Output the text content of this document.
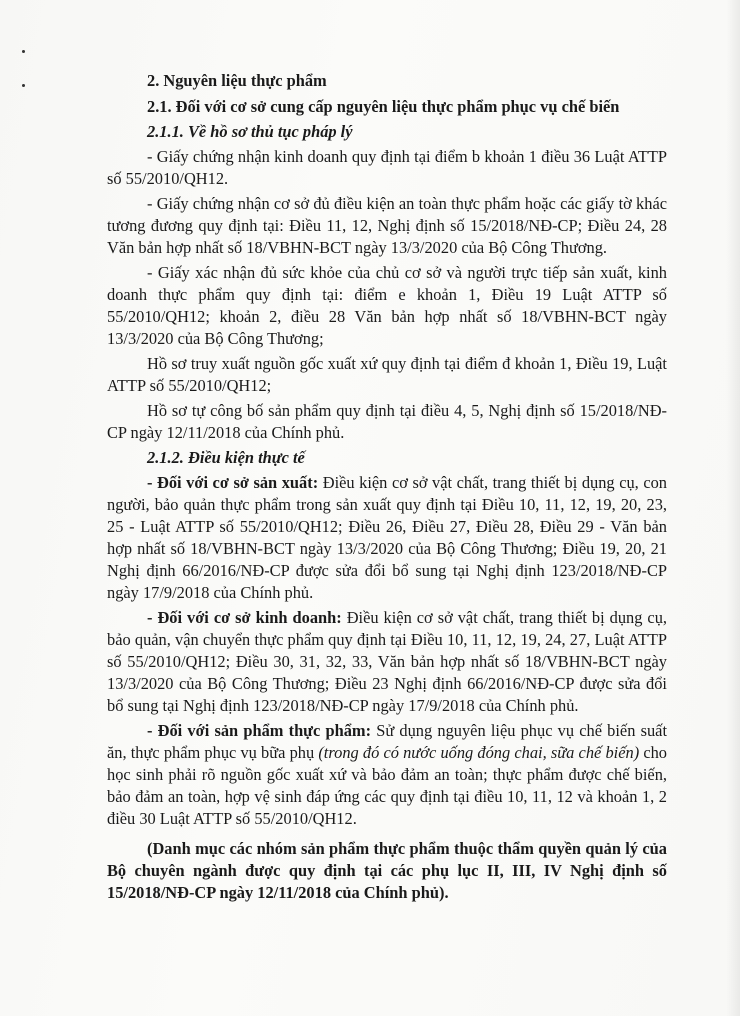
2. Nguyên liệu thực phẩm

2.1. Đối với cơ sở cung cấp nguyên liệu thực phẩm phục vụ chế biến

2.1.1. Về hồ sơ thủ tục pháp lý

- Giấy chứng nhận kinh doanh quy định tại điểm b khoản 1 điều 36 Luật ATTP số 55/2010/QH12.

- Giấy chứng nhận cơ sở đủ điều kiện an toàn thực phẩm hoặc các giấy tờ khác tương đương quy định tại: Điều 11, 12, Nghị định số 15/2018/NĐ-CP; Điều 24, 28 Văn bản hợp nhất số 18/VBHN-BCT ngày 13/3/2020 của Bộ Công Thương.

- Giấy xác nhận đủ sức khỏe của chủ cơ sở và người trực tiếp sản xuất, kinh doanh thực phẩm quy định tại: điểm e khoản 1, Điều 19 Luật ATTP số 55/2010/QH12; khoản 2, điều 28 Văn bản hợp nhất số 18/VBHN-BCT ngày 13/3/2020 của Bộ Công Thương;

Hồ sơ truy xuất nguồn gốc xuất xứ quy định tại điểm đ khoản 1, Điều 19, Luật ATTP số 55/2010/QH12;

Hồ sơ tự công bố sản phẩm quy định tại điều 4, 5, Nghị định số 15/2018/NĐ-CP ngày 12/11/2018 của Chính phủ.

2.1.2. Điều kiện thực tế

- Đối với cơ sở sản xuất: Điều kiện cơ sở vật chất, trang thiết bị dụng cụ, con người, bảo quản thực phẩm trong sản xuất quy định tại Điều 10, 11, 12, 19, 20, 23, 25 - Luật ATTP số 55/2010/QH12; Điều 26, Điều 27, Điều 28, Điều 29 - Văn bản hợp nhất số 18/VBHN-BCT ngày 13/3/2020 của Bộ Công Thương; Điều 19, 20, 21 Nghị định 66/2016/NĐ-CP được sửa đổi bổ sung tại Nghị định 123/2018/NĐ-CP ngày 17/9/2018 của Chính phủ.

- Đối với cơ sở kinh doanh: Điều kiện cơ sở vật chất, trang thiết bị dụng cụ, bảo quản, vận chuyển thực phẩm quy định tại Điều 10, 11, 12, 19, 24, 27, Luật ATTP số 55/2010/QH12; Điều 30, 31, 32, 33, Văn bản hợp nhất số 18/VBHN-BCT ngày 13/3/2020 của Bộ Công Thương; Điều 23 Nghị định 66/2016/NĐ-CP được sửa đổi bổ sung tại Nghị định 123/2018/NĐ-CP ngày 17/9/2018 của Chính phủ.

- Đối với sản phẩm thực phẩm: Sử dụng nguyên liệu phục vụ chế biến suất ăn, thực phẩm phục vụ bữa phụ (trong đó có nước uống đóng chai, sữa chế biến) cho học sinh phải rõ nguồn gốc xuất xứ và bảo đảm an toàn; thực phẩm được chế biến, bảo đảm an toàn, hợp vệ sinh đáp ứng các quy định tại điều 10, 11, 12 và khoản 1, 2 điều 30 Luật ATTP số 55/2010/QH12.

(Danh mục các nhóm sản phẩm thực phẩm thuộc thẩm quyền quản lý của Bộ chuyên ngành được quy định tại các phụ lục II, III, IV Nghị định số 15/2018/NĐ-CP ngày 12/11/2018 của Chính phủ).
